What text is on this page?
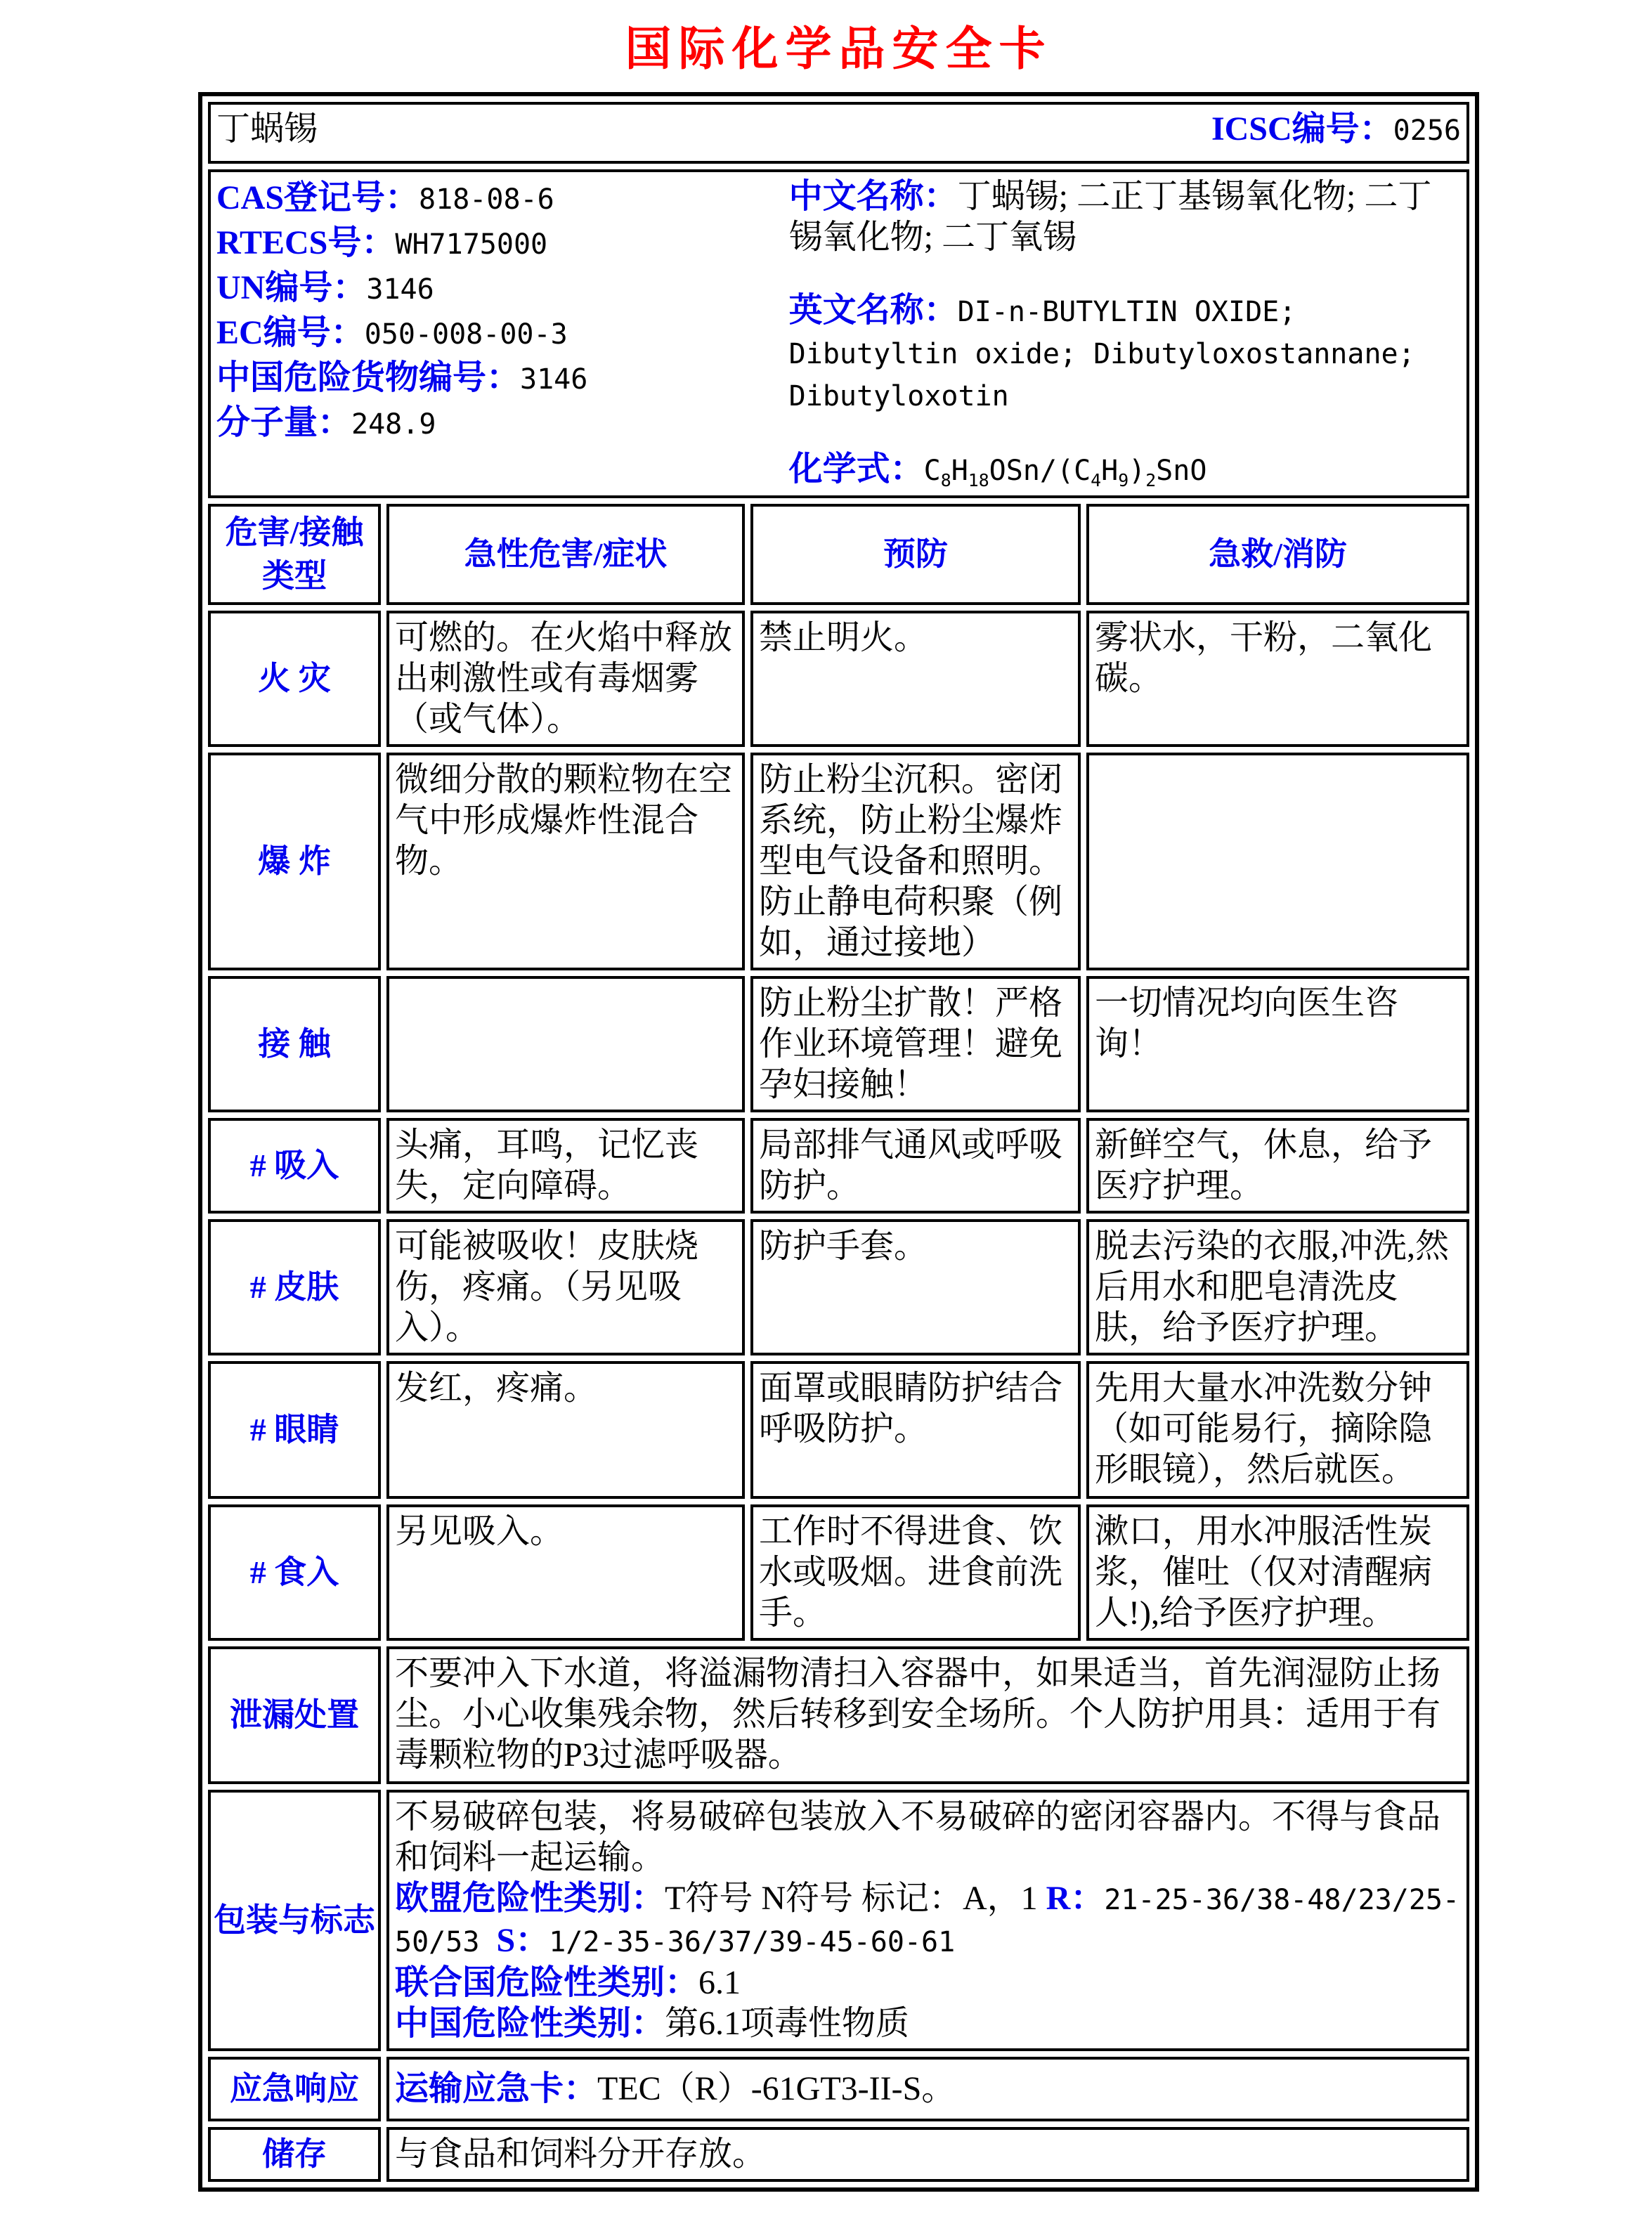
国际化学品安全卡
丁蜗锡 ICSC编号：0256			

CAS登记号：818-08-6
RTECS号：WH7175000
UN编号：3146
EC编号：050-008-00-3
中国危险货物编号：3146
分子量：248.9

中文名称：丁蜗锡; 二正丁基锡氧化物; 二丁锡氧化物; 二丁氧锡

英文名称：DI-n-BUTYLTIN OXIDE; Dibutyltin oxide; Dibutyloxostannane; Dibutyloxotin

化学式：$C_8H_{18}OSn/(C_4H_9)_2SnO$

危害/接触类型	急性危害/症状	预防	急救/消防
火 灾	可燃的。在火焰中释放出刺激性或有毒烟雾（或气体）。	禁止明火。	雾状水，干粉，二氧化碳。
爆 炸	微细分散的颗粒物在空气中形成爆炸性混合物。	防止粉尘沉积。密闭系统，防止粉尘爆炸型电气设备和照明。防止静电荷积聚（例如，通过接地）	
接 触		防止粉尘扩散！严格作业环境管理！避免孕妇接触！	一切情况均向医生咨询！
# 吸入	头痛，耳鸣，记忆丧失，定向障碍。	局部排气通风或呼吸防护。	新鲜空气，休息，给予医疗护理。
# 皮肤	可能被吸收！皮肤烧伤，疼痛。（另见吸入）。	防护手套。	脱去污染的衣服,冲洗,然后用水和肥皂清洗皮肤，给予医疗护理。
# 眼睛	发红，疼痛。	面罩或眼睛防护结合呼吸防护。	先用大量水冲洗数分钟（如可能易行，摘除隐形眼镜），然后就医。
# 食入	另见吸入。	工作时不得进食、饮水或吸烟。进食前洗手。	漱口，用水冲服活性炭浆，催吐（仅对清醒病人!),给予医疗护理。
泄漏处置	不要冲入下水道，将溢漏物清扫入容器中，如果适当，首先润湿防止扬尘。小心收集残余物，然后转移到安全场所。个人防护用具：适用于有毒颗粒物的P3过滤呼吸器。		
包装与标志	不易破碎包装，将易破碎包装放入不易破碎的密闭容器内。不得与食品和饲料一起运输。
欧盟危险性类别：T符号 N符号 标记：A，1 R：21-25-36/38-48/23/25-50/53 S：1/2-35-36/37/39-45-60-61
联合国危险性类别：6.1
中国危险性类别：第6.1项毒性物质		
应急响应	运输应急卡：TEC（R）-61GT3-II-S。		
储存	与食品和饲料分开存放。		
